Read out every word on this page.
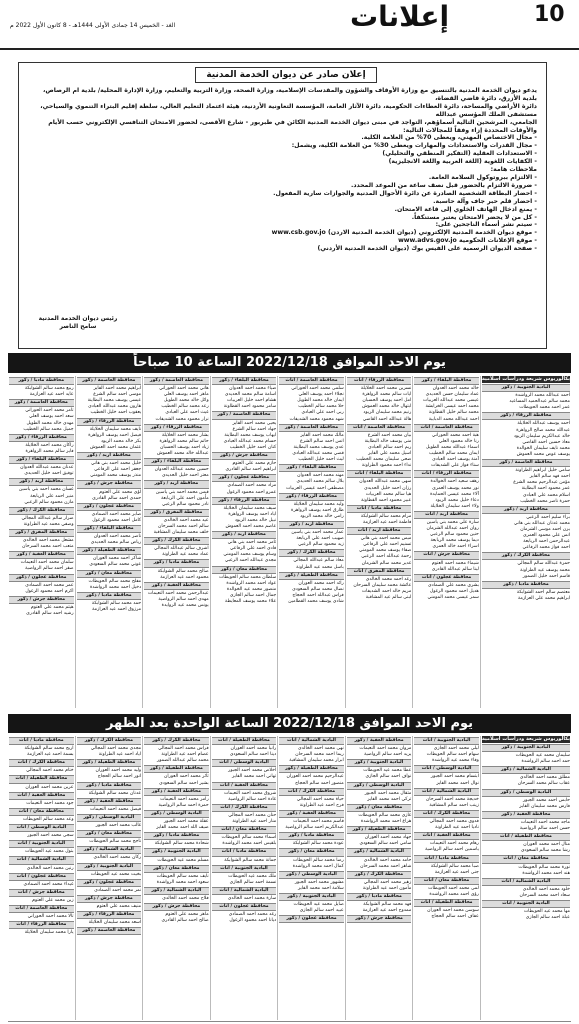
10
إعلانات
الغد - الخميس 14 جمادى الأولى 1444هـ - 8 كانون الأول 2022 م
إعلان صادر عن ديوان الخدمة المدنية

يدعو ديوان الخدمة المدنية بالتنسيق مع وزارة الأوقاف والشؤون والمقدسات الإسلامية، وزارة الصحة، وزارة التربية والتعليم، وزارة الإدارة المحلية/ بلدية ام الرصاص، بلدية الأزرق، دائرة قاضي القضاة،

دائرة الأراضي والمساحة، دائرة العطاءات الحكومية، دائرة الآثار العامة، المؤسسة التعاونية الأردنية، هيئة اعتماد التعليم العالي، سلطة إقليم البتراء التنموي والسياحي، مستشفى الملك المؤسس عبدالله

الجامعي، المرشحين التالية أسماؤهم، التواجد في مبنى ديوان الخدمة المدنية الكائن في طبربور - شارع الأقصى، لحضور الامتحان التنافسي الإلكتروني حسب الأيام والأوقات المحددة إزاء وفقاً للمجالات التالية:

- مجال الاختصاص المهني، ويعطى 70% من العلامة الكلية.

- مجال القدرات والاستعدادات والمهارات ويعطى 30% من العلامة الكلية، ويشمل:

- الاستعدادات العقلية (التفكير المنطقي والتحليلي)

- الكفايات اللغوية (اللغة العربية واللغة الانجليزية)

ملاحظات هامة:

- الالتزام ببروتوكول السلامة العامة.

- ضرورة الالتزام بالحضور قبل نصف ساعة من الموعد المحدد.

- احضار البطاقة الشخصية الصادرة عن دائرة الأحوال المدنية والجوازات سارية المفعول.

- احضار قلم حبر جاف وآلة حاسبة.

- يمنع ادخال الهاتف الخلوي إلى قاعة الامتحان.

- كل من لا يحضر الامتحان يعتبر مستنكفاً.

- سيتم نشر أسماء الناجحين على:

- موقع ديوان الخدمة المدنية الإلكتروني (ديوان الخدمة المدنية الاردن) www.csb.gov.jo

- موقع الإعلانات الحكومية www.advs.gov.jo

- صفحة الديوان الرسمية على الفيس بوك (ديوان الخدمة المدنية الأردني)

رئيس ديوان الخدمة المدنية
سامح الناصر
يوم الاحد الموافق 2022/12/18 الساعة 10 صباحاً
بكالوريوس شريعة ودراسات اسلامية
البادية الجنوبية / ذكور
احمد عبدالله محمد الرواشدة
محمد سالم عبدالحميد المساعيد
عمر احمد محمد الحويطات
محافظة الزرقاء / ذكور
احمد يوسف عبدالله الخلايلة
عبدالله محمد صالح الزواهرة
خالد عبدالكريم سليمان الزيود
معاذ حسين احمد القاضي
محمد نايف سليمان الخوالدة
يوسف عوض محمد العموش
محافظة العاصمة / ذكور
سامي خليل ابراهيم الطراونة
احمد فهد سالم الفايز
مؤمن عبدالرحيم محمد الشرع
عمر محمود احمد البطاينة
اسلام محمد علي العبادي
حمزة ناصر محمد الخطيب
محافظة اربد / ذكور
براء سليم احمد الزعبي
محمد عدنان عبدالله بني هاني
يزن احمد موسى الشرمان
انس علي محمود العمري
عبدالرحمن احمد الربابعة
احمد فواز محمد الرفاعي
محافظة الكرك / ذكور
حمزة عبدالله سالم المجالي
محمد يوسف عيد الطراونة
قاسم احمد خليل الضمور
محافظة مادبا / ذكور
معتصم سالم احمد الشوابكة
ابراهيم محمد علي العزازمة
محافظة البلقاء / ذكور
خالد محمد احمد العدوان
عماد سليمان حسن الحديدي
عيسى محمد عبدالله العربيات
محمد احمد عيسى الخرابشة
محمد سالم خليل القطاونة
احمد عبدالله محمد الدبايبة
محافظة العاصمة / اناث
هبة احمد محمد الحوراني
رنا خالد محمود العلي
اسماء عبدالله محمد الطويل
ايمان محمد سالم الخطيب
آمنة يوسف احمد العبادي
سناء فواز علي الشديفات
محافظة الزرقاء / اناث
رهف سعيد احمد الخوالدة
نور محمد يوسف العمري
آلاء محمد عيسى الحمايدة
دعاء خليل محمد الزيود
ولاء احمد سليمان الخلايلة
محافظة اربد / اناث
سارة علي محمد بني ياسين
روان احمد عبدالله الشرمان
حنين محمود سالم الزعبي
ديما يوسف محمد الربابعة
اسراء احمد خالد العمري
محافظة جرش / اناث
شيماء محمد احمد العتوم
لينا سالم عبدالله القادري
محافظة عجلون / اناث
بشرى محمد علي الصمادي
هديل احمد محمود الزغول
سمر عيسى محمد المومني
محافظة الزرقاء / اناث
نسرين محمد احمد الخلايلة
ايات سالم محمد الزواهرة
امل احمد يوسف الحسبان
ابتهال خالد محمد العموش
رنيم محمد سليمان الزيود
هالة عبدالله احمد القاضي
محافظة العاصمة / اناث
بيان محمد احمد الشرع
منى يوسف خالد البطاينة
ريم احمد سالم العبادي
اسيل محمد علي الفايز
ضحى سليمان محمد الخطيب
نداء احمد محمود الطراونة
محافظة البلقاء / اناث
سهى محمد عبدالله العدوان
رزان احمد خليل الحديدي
هيا سالم محمد العربيات
عبير محمود احمد القطاونة
محافظة مادبا / اناث
مرام محمد سالم الشوابكة
فاطمة احمد عيد العزازمة
محافظة اربد / اناث
ميس محمد احمد بني هاني
تسنيم احمد علي الرفاعي
صفاء يوسف محمد المومني
رحمة عبدالله احمد الزعبي
غدير محمد سالم الشرمان
محافظة المفرق / اناث
رغد احمد محمد الخالدي
عائشة محمد سليمان السرحان
مريم خالد احمد الشديفات
لبنى سالم عيد المشاقبة
محافظة العاصمة / اناث
سلمى محمد احمد الحوراني
نجلاء احمد يوسف العلي
ايمان خالد محمد الطويل
حلا محمد سالم الخطيب
ربى احمد علي العبادي
شهد محمود محمد الشديفات
محافظة العاصمة / ذكور
مالك محمد احمد الفايز
انس احمد سالم الشرع
عدي يوسف محمد البطاينة
قصي محمد عبدالله العبادي
ليث احمد خليل الخطيب
محافظة البلقاء / ذكور
مهند محمد احمد العدوان
بلال سالم محمد الحديدي
مصطفى احمد عيسى العربيات
محافظة الزرقاء / ذكور
وليد محمد سليمان الخلايلة
طارق احمد يوسف الزواهرة
رامي خالد محمد الزيود
محافظة اربد / ذكور
عمار محمد احمد بني ياسين
صهيب احمد علي الربابعة
زيد محمود سالم الزعبي
محافظة الكرك / ذكور
معاذ سالم عبدالله المجالي
باسل محمد عيد الطراونة
محافظة الطفيلة / ذكور
رائد احمد محمد العوران
نضال محمد سالم السعودي
فراس عبدالله احمد الحجاج
شادي يوسف محمد القطامين
محافظة البلقاء / ذكور
ضياء محمد احمد العدوان
اسامة سالم محمد الحديدي
هشام احمد خليل العربيات
سامر محمود احمد القطاونة
محافظة العاصمة / ذكور
يحيى محمد احمد الفايز
جهاد احمد سالم الشرع
ايهاب يوسف محمد البطاينة
حسام محمد عبدالله العبادي
كنان احمد خليل الخطيب
محافظة جرش / ذكور
حازم محمد علي العتوم
ابراهيم احمد سالم القادري
محافظة عجلون / ذكور
مراد محمد احمد الصمادي
عمرو احمد محمود الزغول
محافظة الزرقاء / ذكور
سيف محمد سليمان الخلايلة
اياد احمد يوسف الزواهرة
نبيل خالد محمد الزيود
عاصم محمد احمد العموش
محافظة اربد / ذكور
ثامر محمد احمد بني هاني
فادي احمد علي الرفاعي
وسام يوسف محمد المومني
مجدي عبدالله احمد الزعبي
محافظة معان / ذكور
سلطان محمد سالم الحويطات
عواد احمد محمد الرواشدة
منصور محمد عيد الخوالدة
جمال احمد سالم الجازي
علاء محمد يوسف المعايطة
محافظة العاصمة / ذكور
هاني محمد احمد الحوراني
ماهر احمد يوسف العلي
وائل خالد محمد الطويل
رعد محمد سالم الخطيب
غيث احمد علي العبادي
نزار محمود محمد الشديفات
محافظة الزرقاء / ذكور
بشار محمد احمد الخلايلة
حاتم سالم محمد الزواهرة
زياد احمد يوسف الحسبان
عبدالله خالد محمد العموش
محافظة البلقاء / ذكور
حسين محمد عبدالله العدوان
معتز احمد خليل الحديدي
محافظة اربد / ذكور
قيس محمد احمد بني ياسين
مأمون احمد علي الربابعة
نادر محمود سالم الزعبي
محافظة المفرق / ذكور
عيد محمد احمد الخالدي
سالم احمد محمد السرحان
خلف محمد سليمان المشاقبة
محافظة الكرك / ذكور
اشرف سالم عبدالله المجالي
عماد محمد عيد الطراونة
محافظة مادبا / ذكور
صالح محمد سالم الشوابكة
محمود احمد عيد العزازمة
محافظة العقبة / ذكور
عبدالرحمن محمد احمد النعيمات
مهدي احمد سالم الرواضية
يونس محمد عيد الزوايدة
محافظة العاصمة / ذكور
ابراهيم محمد احمد الفايز
موسى احمد سالم الشرع
عيسى يوسف محمد البطاينة
هارون محمد عبدالله العبادي
يعقوب احمد خليل الخطيب
محافظة الزرقاء / ذكور
نايف محمد سليمان الخلايلة
فيصل احمد يوسف الزواهرة
بكر خالد محمد الزيود
عثمان محمد احمد العموش
محافظة اربد / ذكور
خليل محمد احمد بني هاني
جعفر احمد علي الرفاعي
منذر يوسف محمد المومني
محافظة جرش / ذكور
لؤي محمد علي العتوم
حمدي احمد سالم القادري
محافظة عجلون / ذكور
صابر محمد احمد الصمادي
كامل احمد محمود الزغول
محافظة البلقاء / ذكور
ناصر محمد احمد العدوان
رياض سالم محمد الحديدي
محافظة الطفيلة / ذكور
شاكر احمد محمد العوران
عوني محمد سالم السعودي
محافظة معان / ذكور
مفلح محمد سالم الحويطات
دخيل احمد محمد الرواشدة
محافظة مادبا / ذكور
حمد محمد سالم الشوابكة
مرزوق احمد عيد العزازمة
محافظة مادبا / ذكور
ربيع محمد سالم الشوابكة
عايد احمد عيد العزازمة
محافظة العاصمة / ذكور
تامر محمد احمد الحوراني
سعد احمد يوسف العلي
مهدي خالد محمد الطويل
جميل محمد سالم الخطيب
محافظة الزرقاء / ذكور
راكان محمد احمد الخلايلة
فايز سالم محمد الزواهرة
محافظة البلقاء / ذكور
عدنان محمد عبدالله العدوان
توفيق احمد خليل الحديدي
محافظة اربد / ذكور
غسان محمد احمد بني ياسين
منير احمد علي الربابعة
مازن محمود سالم الزعبي
محافظة الكرك / ذكور
ضرار سالم عبدالله المجالي
وصفي محمد عيد الطراونة
محافظة المفرق / ذكور
مشعل محمد احمد الخالدي
متعب احمد محمد السرحان
محافظة العقبة / ذكور
سلمان محمد احمد النعيمات
صقر احمد سالم الرواضية
محافظة عجلون / ذكور
عمر محمد احمد الصمادي
اكرم احمد محمود الزغول
محافظة جرش / ذكور
هيثم محمد علي العتوم
رشيد احمد سالم القادري
يوم الاحد الموافق 2022/12/18 الساعة الواحدة بعد الظهر
بكالوريوس شريعة ودراسات اسلامية
البادية الجنوبية / ذكور
سليمان محمد عيد الحويطات
حمد احمد سالم الرواشدة
البادية الشمالية / ذكور
مطلق محمد احمد الخالدي
عقاب سالم محمد السرحان
البادية الوسطى / ذكور
حابس احمد محمد الجبور
فارس محمد سليمان الفايز
محافظة العقبة / ذكور
ماجد محمد احمد النعيمات
حسن احمد سالم الرواضية
محافظة الطفيلة / اناث
منال احمد محمد العوران
رشا محمد سالم السعودي
محافظة معان / اناث
نورة محمد سالم الحويطات
هند احمد محمد الرواشدة
البادية الشمالية / اناث
خلود محمد احمد الخالدي
سعاد احمد محمد السرحان
البادية الجنوبية / اناث
مها محمد عيد الحويطات
عبلة احمد سالم الجازي
البادية الجنوبية / اناث
ليلى محمد احمد الجازي
سهام احمد سالم الحويطات
وفاء محمد عيد الرواشدة
البادية الوسطى / اناث
ابتسام محمد احمد الجبور
نوال احمد محمد الفايز
البادية الشمالية / اناث
خديجة محمد احمد السرحان
زينب احمد سالم المشاقبة
محافظة الكرك / اناث
فدوى محمد احمد المجالي
ناديا احمد عيد الطراونة
محافظة العقبة / اناث
رهام محمد احمد النعيمات
ياسمين احمد سالم الرواضية
محافظة مادبا / اناث
صبا محمد سالم الشوابكة
جنى احمد عيد العزازمة
محافظة معان / اناث
لمى محمد احمد الحويطات
رؤى احمد محمد الرواشدة
محافظة الطفيلة / اناث
سوسن محمد احمد العوران
عفاف احمد سالم الحجاج
محافظة العقبة / ذكور
مروان محمد احمد النعيمات
يزيد احمد سالم الرواضية
البادية الجنوبية / ذكور
عطا محمد عيد الحويطات
نواف احمد سالم الجازي
البادية الوسطى / ذكور
مثقال محمد احمد الجبور
تركي احمد محمد الفايز
محافظة معان / ذكور
غازي محمد سالم الحويطات
هزاع احمد محمد الرواشدة
محافظة الطفيلة / ذكور
جهاد محمد احمد العوران
سامي احمد سالم السعودي
البادية الشمالية / ذكور
حامد محمد احمد الخالدي
شاهر احمد محمد السرحان
محافظة الكرك / ذكور
زهير محمد احمد المجالي
مأمون احمد عيد الطراونة
محافظة مادبا / ذكور
فهد محمد سالم الشوابكة
ممدوح احمد عيد العزازمة
محافظة جرش / ذكور
البادية الشمالية / اناث
نهى محمد احمد الخالدي
ريما احمد محمد السرحان
ابرار محمد سليمان المشاقبة
محافظة الطفيلة / ذكور
عبدالرحيم محمد احمد العوران
منصور احمد سالم الحجاج
محافظة الكرك / اناث
حياة محمد احمد المجالي
فرح احمد عيد الطراونة
محافظة العقبة / ذكور
قاسم محمد احمد النعيمات
عبدالكريم احمد سالم الرواضية
محافظة مادبا / ذكور
عودة محمد سالم الشوابكة
محافظة معان / ذكور
رضا محمد سالم الحويطات
كمال احمد محمد الرواشدة
البادية الوسطى / ذكور
مشهور محمد احمد الجبور
سلامة احمد محمد الفايز
البادية الجنوبية / ذكور
صايل محمد عيد الحويطات
عبيد احمد سالم الجازي
محافظة عجلون / ذكور
محافظة الطفيلة / اناث
رانيا محمد احمد العوران
دينا احمد سالم السعودي
البادية الوسطى / اناث
اخلاص محمد احمد الجبور
تهاني احمد محمد الفايز
محافظة العقبة / اناث
شروق محمد احمد النعيمات
غادة احمد سالم الرواضية
محافظة الكرك / اناث
حنان محمد احمد المجالي
منار احمد عيد الطراونة
محافظة معان / اناث
اسماء محمد سالم الحويطات
بلقيس احمد محمد الرواشدة
محافظة مادبا / اناث
جمانة محمد سالم الشوابكة
البادية الجنوبية / اناث
ملك محمد عيد الحويطات
نسمة احمد سالم الجازي
البادية الشمالية / اناث
سارة محمد احمد الخالدي
محافظة عجلون / اناث
رغد محمد احمد الصمادي
ديانا احمد محمود الزغول
محافظة الكرك / ذكور
فراس محمد احمد المجالي
عصام احمد عيد الطراونة
محمد سالم عبدالله الضمور
محافظة الطفيلة / ذكور
ثائر محمد احمد العوران
بشير احمد سالم السعودي
محافظة العقبة / ذكور
رامز محمد احمد النعيمات
حمزة احمد سالم الرواضية
البادية الوسطى / ذكور
عقلة محمد احمد الجبور
ضيف الله احمد محمد الفايز
محافظة مادبا / ذكور
شحادة محمد سالم الشوابكة
البادية الجنوبية / ذكور
مسلم محمد عيد الحويطات
محافظة معان / ذكور
نايف محمد سالم الحويطات
سعود احمد محمد الرواشدة
البادية الشمالية / ذكور
فلاح محمد احمد الخالدي
محافظة جرش / ذكور
ماهر محمد علي العتوم
صالح احمد سالم القادري
محافظة الكرك / ذكور
مجدي محمد احمد المجالي
اياد احمد عيد الطراونة
محافظة الطفيلة / ذكور
وليد محمد احمد العوران
انور احمد سالم الحجاج
محافظة مادبا / ذكور
عدنان محمد سالم الشوابكة
محافظة العقبة / ذكور
فيصل محمد احمد النعيمات
البادية الوسطى / ذكور
غالب محمد احمد الجبور
محافظة معان / ذكور
ناجح محمد سالم الحويطات
البادية الشمالية / ذكور
ركان محمد احمد الخالدي
البادية الجنوبية / ذكور
بخيت محمد عيد الحويطات
محافظة عجلون / ذكور
نمر محمد احمد الصمادي
محافظة جرش / ذكور
منيف محمد علي العتوم
محافظة الزرقاء / ذكور
اسعد محمد سليمان الخلايلة
محافظة العاصمة / ذكور
محافظة مادبا / اناث
اريج محمد سالم الشوابكة
بسمة احمد عيد العزازمة
محافظة الكرك / اناث
ختام محمد احمد المجالي
محافظة الطفيلة / اناث
عرين محمد احمد العوران
محافظة العقبة / اناث
جود محمد احمد النعيمات
محافظة معان / اناث
وعد محمد سالم الحويطات
البادية الوسطى / اناث
سجى محمد احمد الجبور
البادية الجنوبية / اناث
بتول محمد عيد الحويطات
البادية الشمالية / اناث
رنين محمد احمد الخالدي
محافظة عجلون / اناث
غيداء محمد احمد الصمادي
محافظة جرش / اناث
زين محمد علي العتوم
محافظة العاصمة / اناث
تالا محمد احمد الحوراني
محافظة الزرقاء / اناث
يارا محمد سليمان الخلايلة
